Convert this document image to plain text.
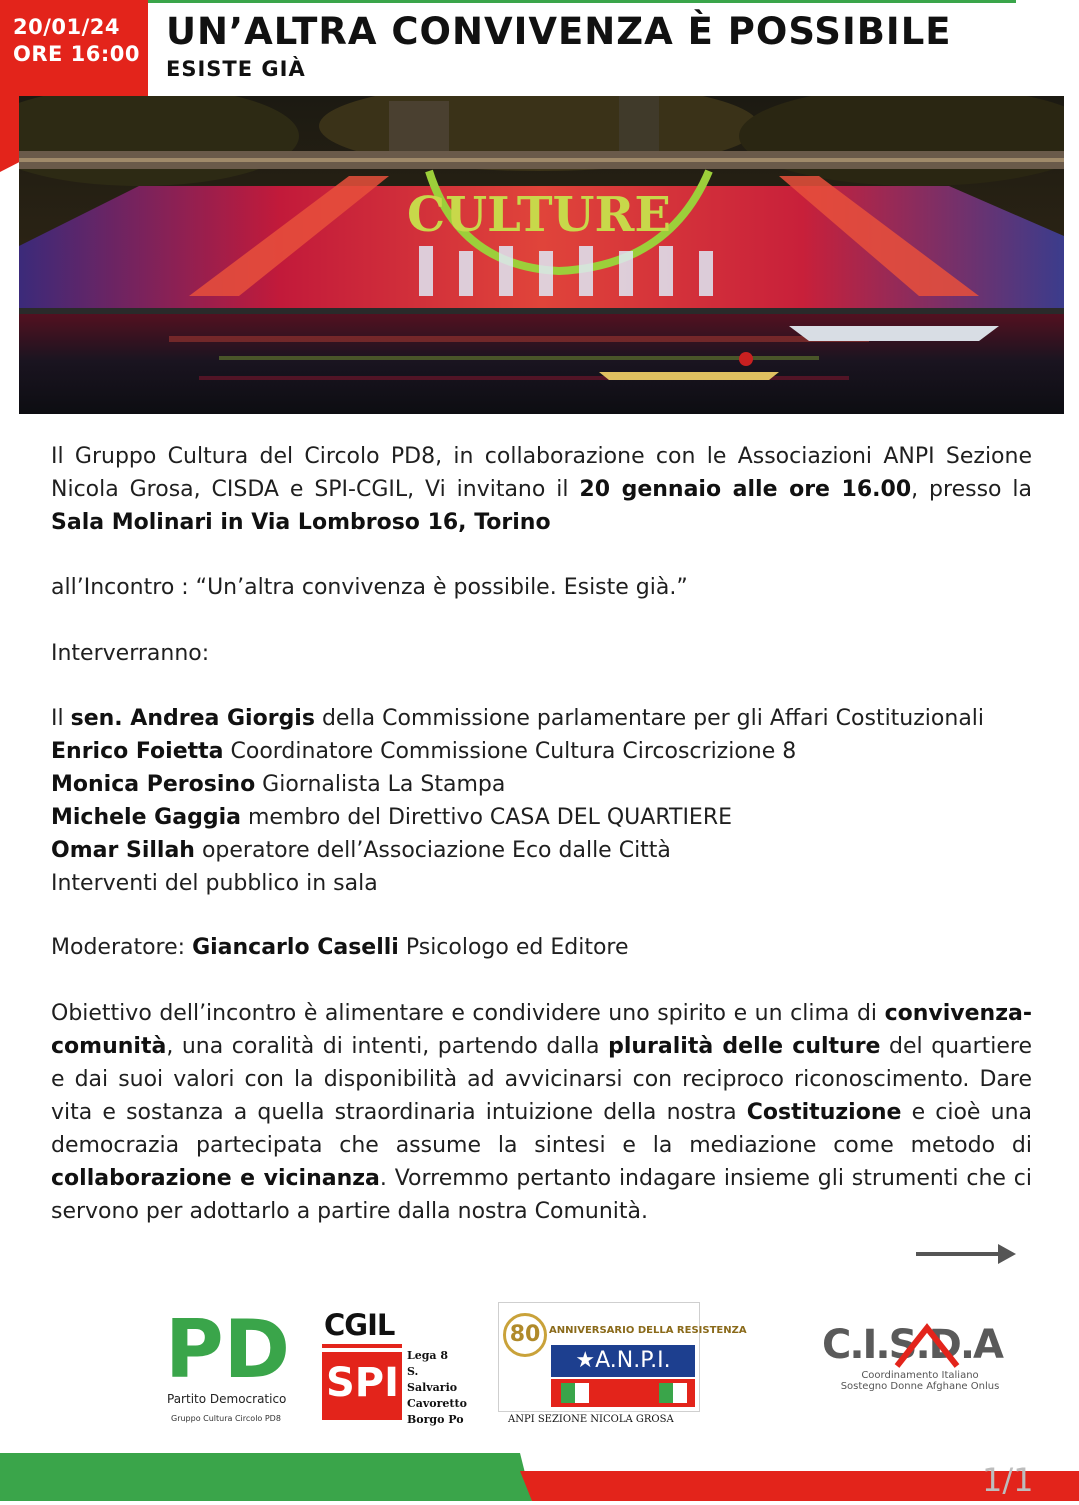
20/01/24
ORE 16:00
UN’ALTRA CONVIVENZA È POSSIBILE
ESISTE GIÀ
CULTURE
Il Gruppo Cultura del Circolo PD8, in collaborazione con le Associazioni ANPI Sezione Nicola Grosa, CISDA e SPI-CGIL, Vi invitano il 20 gennaio alle ore 16.00, presso la Sala Molinari in Via Lombroso 16, Torino
all’Incontro : “Un’altra convivenza è possibile. Esiste già.”
Interverranno:
Il sen. Andrea Giorgis della Commissione parlamentare per gli Affari Costituzionali
Enrico Foietta Coordinatore Commissione Cultura Circoscrizione 8
Monica Perosino Giornalista La Stampa
Michele Gaggia membro del Direttivo CASA DEL QUARTIERE
Omar Sillah operatore dell’Associazione Eco dalle Città
Interventi del pubblico in sala
Moderatore: Giancarlo Caselli Psicologo ed Editore
Obiettivo dell’incontro è alimentare e condividere uno spirito e un clima di convivenza-comunità, una coralità di intenti, partendo dalla pluralità delle culture del quartiere e dai suoi valori con la disponibilità ad avvicinarsi con reciproco riconoscimento. Dare vita e sostanza a quella straordinaria intuizione della nostra Costituzione e cioè una democrazia partecipata che assume la sintesi e la mediazione come metodo di collaborazione e vicinanza. Vorremmo pertanto indagare insieme gli strumenti che ci servono per adottarlo a partire dalla nostra Comunità.
PD
Partito Democratico
Gruppo Cultura Circolo PD8
CGIL
SPI
Lega 8
S. Salvario
Cavoretto
Borgo Po
80 ANNIVERSARIO DELLA RESISTENZA
★A.N.P.I.
ANPI SEZIONE NICOLA GROSA
C.I.S.D.A
Coordinamento Italiano
Sostegno Donne Afghane Onlus
1/1
